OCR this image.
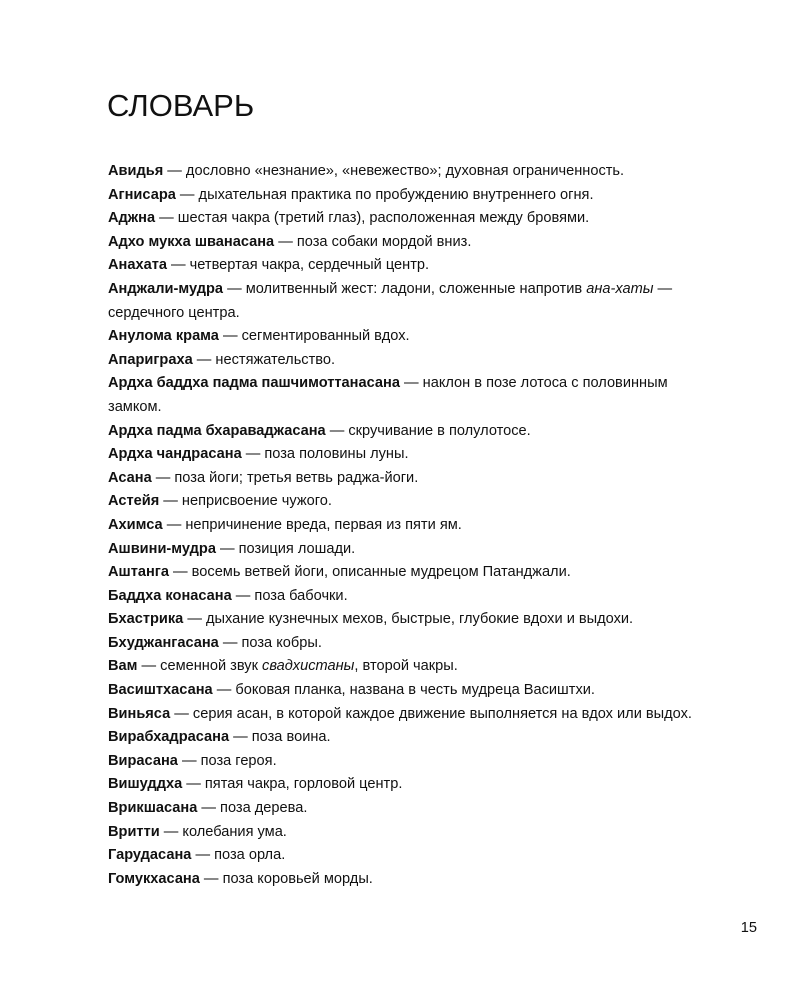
СЛОВАРЬ

Авидья — дословно «незнание», «невежество»; духовная ограниченность.

Агнисара — дыхательная практика по пробуждению внутреннего огня.

Аджна — шестая чакра (третий глаз), расположенная между бровями.

Адхо мукха шванасана — поза собаки мордой вниз.

Анахата — четвертая чакра, сердечный центр.

Анджали-мудра — молитвенный жест: ладони, сложенные напротив ана-хаты — сердечного центра.

Анулома крама — сегментированный вдох.

Апариграха — нестяжательство.

Ардха баддха падма пашчимоттанасана — наклон в позе лотоса с половинным замком.

Ардха падма бхараваджасана — скручивание в полулотосе.

Ардха чандрасана — поза половины луны.

Асана — поза йоги; третья ветвь раджа-йоги.

Астейя — неприсвоение чужого.

Ахимса — непричинение вреда, первая из пяти ям.

Ашвини-мудра — позиция лошади.

Аштанга — восемь ветвей йоги, описанные мудрецом Патанджали.

Баддха конасана — поза бабочки.

Бхастрика — дыхание кузнечных мехов, быстрые, глубокие вдохи и выдохи.

Бхуджангасана — поза кобры.

Вам — семенной звук свадхистаны, второй чакры.

Васиштхасана — боковая планка, названа в честь мудреца Васиштхи.

Виньяса — серия асан, в которой каждое движение выполняется на вдох или выдох.

Вирабхадрасана — поза воина.

Вирасана — поза героя.

Вишуддха — пятая чакра, горловой центр.

Врикшасана — поза дерева.

Вритти — колебания ума.

Гарудасана — поза орла.

Гомукхасана — поза коровьей морды.

15
